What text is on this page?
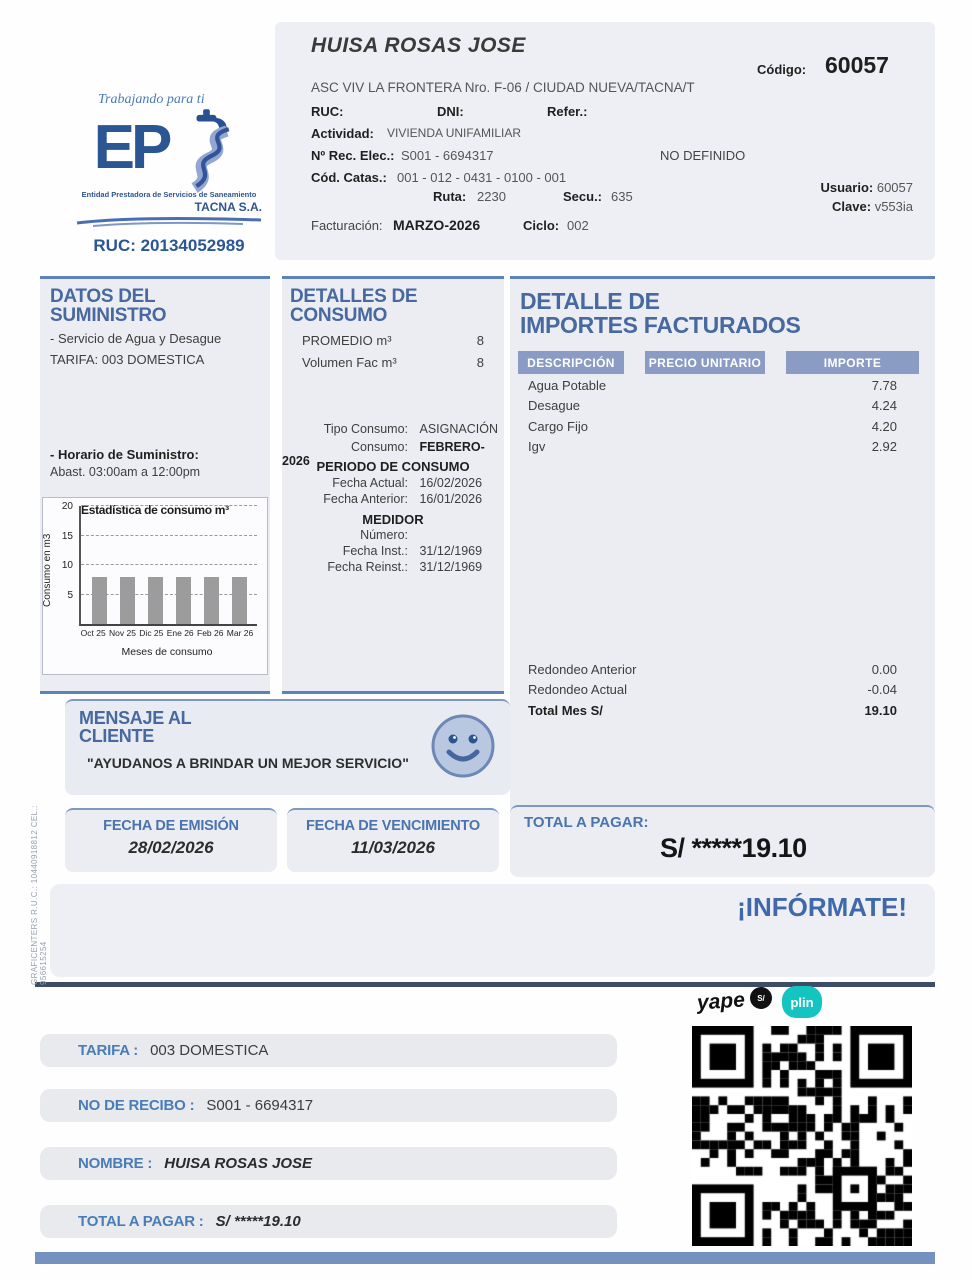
Trabajando para ti
EP
Entidad Prestadora de Servicios de Saneamiento
TACNA S.A.
RUC: 20134052989
HUISA ROSAS JOSE
Código: 60057
ASC VIV LA FRONTERA Nro. F-06 / CIUDAD NUEVA/TACNA/T
RUC:	DNI:	Refer.:
Actividad: VIVIENDA UNIFAMILIAR
Nº Rec. Elec.: S001 - 6694317	NO DEFINIDO
Cód. Catas.: 001 - 012 - 0431 - 0100 - 001
Usuario: 60057
Clave: v553ia
Ruta: 2230	Secu.: 635
Facturación: MARZO-2026	Ciclo: 002
DATOS DEL
SUMINISTRO
- Servicio de Agua y Desague
TARIFA: 003 DOMESTICA
- Horario de Suministro:
Abast. 03:00am a 12:00pm
Estadística de consumo m³
Consumo en m3	5
10
15
20
Oct 25 Nov 25 Dic 25 Ene 26 Feb 26 Mar 26
Meses de consumo
DETALLES DE
CONSUMO
PROMEDIO m³	8
Volumen Fac m³	8
Tipo Consumo: ASIGNACIÓN
Consumo: FEBRERO-2026 PERIODO DE CONSUMO
Fecha Actual: 16/02/2026
Fecha Anterior: 16/01/2026
MEDIDOR
Número:
Fecha Inst.: 31/12/1969
Fecha Reinst.: 31/12/1969
DETALLE DE
IMPORTES FACTURADOS
DESCRIPCIÓN	PRECIO UNITARIO	IMPORTE
Agua Potable	7.78
Desague	4.24
Cargo Fijo	4.20
Igv	2.92
Redondeo Anterior	0.00
Redondeo Actual	-0.04
Total Mes S/	19.10
MENSAJE AL
CLIENTE
"AYUDANOS A BRINDAR UN MEJOR SERVICIO"
FECHA DE EMISIÓN
28/02/2026
FECHA DE VENCIMIENTO
11/03/2026
TOTAL A PAGAR:
S/ *****19.10
¡INFÓRMATE!
GRAFICENTERS R.U.C.: 10440918812 CEL.: 956615254
yape	S/	plin
TARIFA : 003 DOMESTICA
NO DE RECIBO : S001 - 6694317
NOMBRE : HUISA ROSAS JOSE
TOTAL A PAGAR : S/ *****19.10
